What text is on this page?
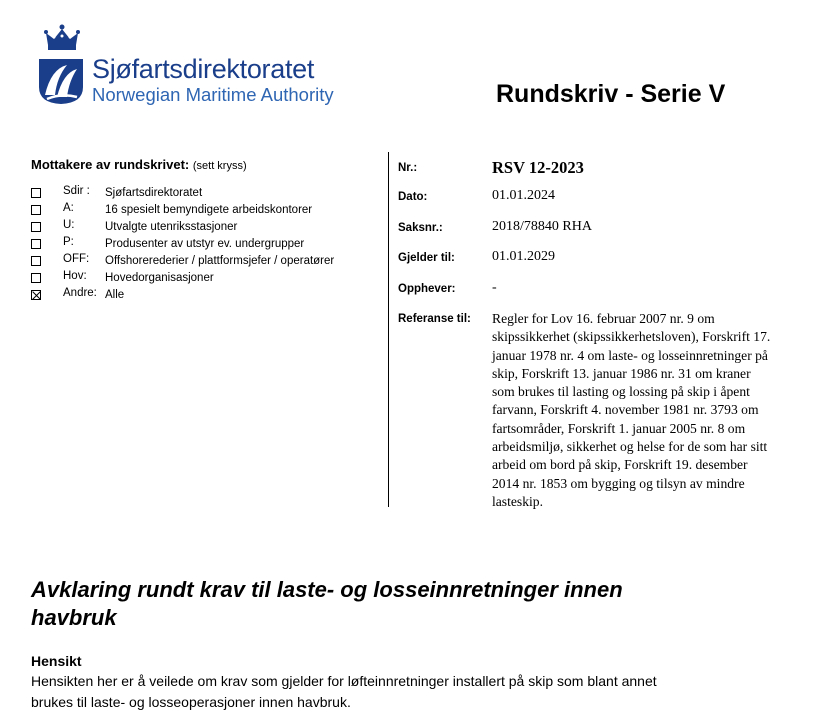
Sjøfartsdirektoratet
Norwegian Maritime Authority	Rundskriv - Serie V
Mottakere av rundskrivet: (sett kryss)
Sdir : Sjøfartsdirektoratet
A:	16 spesielt bemyndigete arbeidskontorer
U:	Utvalgte utenriksstasjoner
P:	Produsenter av utstyr ev. undergrupper
OFF: Offshorerederier / plattformsjefer / operatører
Hov: Hovedorganisasjoner
Andre: Alle
Nr.:	RSV 12-2023
Dato:	01.01.2024
Saksnr.:	2018/78840 RHA
Gjelder til:	01.01.2029
Opphever:	-
Referanse til: Regler for Lov 16. februar 2007 nr. 9 om
skipssikkerhet (skipssikkerhetsloven), Forskrift 17.
januar 1978 nr. 4 om laste- og losseinnretninger på
skip, Forskrift 13. januar 1986 nr. 31 om kraner
som brukes til lasting og lossing på skip i åpent
farvann, Forskrift 4. november 1981 nr. 3793 om
fartsområder, Forskrift 1. januar 2005 nr. 8 om
arbeidsmiljø, sikkerhet og helse for de som har sitt
arbeid om bord på skip, Forskrift 19. desember
2014 nr. 1853 om bygging og tilsyn av mindre
lasteskip.
Avklaring rundt krav til laste- og losseinnretninger innen
havbruk
Hensikt
Hensikten her er å veilede om krav som gjelder for løfteinnretninger installert på skip som blant annet
brukes til laste- og losseoperasjoner innen havbruk.
